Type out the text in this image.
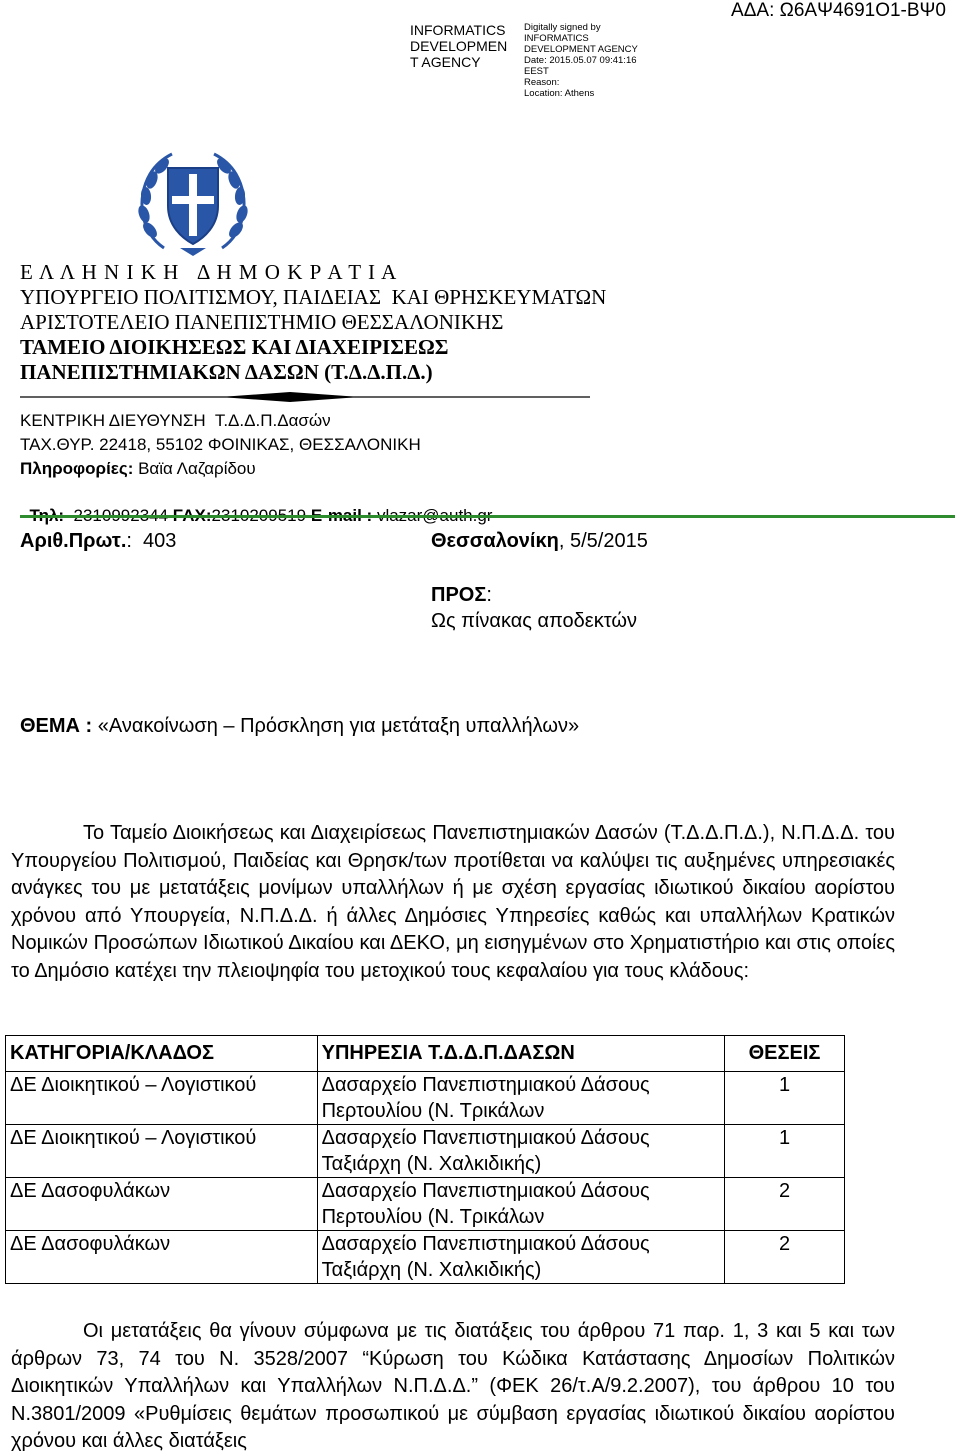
INFORMATICS
DEVELOPMEN
T AGENCY
Digitally signed by
INFORMATICS
DEVELOPMENT AGENCY
Date: 2015.05.07 09:41:16
EEST
Reason:
Location: Athens
ΑΔΑ: Ω6ΑΨ4691Ο1-ΒΨ0
Ε Λ Λ Η Ν Ι Κ Η   Δ Η Μ Ο Κ Ρ Α Τ Ι Α
ΥΠΟΥΡΓΕΙΟ ΠΟΛΙΤΙΣΜΟΥ, ΠΑΙΔΕΙΑΣ  ΚΑΙ ΘΡΗΣΚΕΥΜΑΤΩΝ
ΑΡΙΣΤΟΤΕΛΕΙΟ ΠΑΝΕΠΙΣΤΗΜΙΟ ΘΕΣΣΑΛΟΝΙΚΗΣ
ΤΑΜΕΙΟ ΔΙΟΙΚΗΣΕΩΣ ΚΑΙ ΔΙΑΧΕΙΡΙΣΕΩΣ
ΠΑΝΕΠΙΣΤΗΜΙΑΚΩΝ ΔΑΣΩΝ (Τ.Δ.Δ.Π.Δ.)
ΚΕΝΤΡΙΚΗ ΔΙΕΥΘΥΝΣΗ  Τ.Δ.Δ.Π.Δασών
ΤΑΧ.ΘΥΡ. 22418, 55102 ΦΟΙΝΙΚΑΣ, ΘΕΣΣΑΛΟΝΙΚΗ
Πληροφορίες: Βαϊα Λαζαρίδου

Αριθ.Πρωτ.:  403	Θεσσαλονίκη, 5/5/2015
ΠΡΟΣ:
Ως πίνακας αποδεκτών
ΘΕΜΑ : «Ανακοίνωση – Πρόσκληση για μετάταξη υπαλλήλων»
Το Ταμείο Διοικήσεως και Διαχειρίσεως Πανεπιστημιακών Δασών (Τ.Δ.Δ.Π.Δ.), Ν.Π.Δ.Δ. του Υπουργείου Πολιτισμού, Παιδείας και Θρησκ/των προτίθεται να καλύψει τις αυξημένες υπηρεσιακές ανάγκες του με μετατάξεις μονίμων υπαλλήλων ή με σχέση εργασίας ιδιωτικού δικαίου αορίστου χρόνου από Υπουργεία, Ν.Π.Δ.Δ. ή άλλες Δημόσιες Υπηρεσίες καθώς και υπαλλήλων Κρατικών Νομικών Προσώπων Ιδιωτικού Δικαίου και ΔΕΚΟ, μη εισηγμένων στο Χρηματιστήριο και στις οποίες το Δημόσιο κατέχει την πλειοψηφία του μετοχικού τους κεφαλαίου για τους κλάδους:
ΚΑΤΗΓΟΡΙΑ/ΚΛΑΔΟΣ	ΥΠΗΡΕΣΙΑ Τ.Δ.Δ.Π.ΔΑΣΩΝ	ΘΕΣΕΙΣ
ΔΕ Διοικητικού – Λογιστικού	Δασαρχείο Πανεπιστημιακού Δάσους
Περτουλίου (Ν. Τρικάλων	1
ΔΕ Διοικητικού – Λογιστικού	Δασαρχείο Πανεπιστημιακού Δάσους
Ταξιάρχη (Ν. Χαλκιδικής)	1
ΔΕ Δασοφυλάκων	Δασαρχείο Πανεπιστημιακού Δάσους
Περτουλίου (Ν. Τρικάλων	2
ΔΕ Δασοφυλάκων	Δασαρχείο Πανεπιστημιακού Δάσους
Ταξιάρχη (Ν. Χαλκιδικής)	2
Οι μετατάξεις θα γίνουν σύμφωνα με τις διατάξεις του άρθρου 71 παρ. 1, 3 και 5 και των άρθρων 73, 74 του Ν. 3528/2007 “Κύρωση του Κώδικα Κατάστασης Δημοσίων Πολιτικών Διοικητικών Υπαλλήλων και Υπαλλήλων Ν.Π.Δ.Δ.” (ΦΕΚ 26/τ.Α/9.2.2007), του άρθρου 10 του Ν.3801/2009 «Ρυθμίσεις θεμάτων προσωπικού με σύμβαση εργασίας ιδιωτικού δικαίου αορίστου χρόνου και άλλες διατάξεις
